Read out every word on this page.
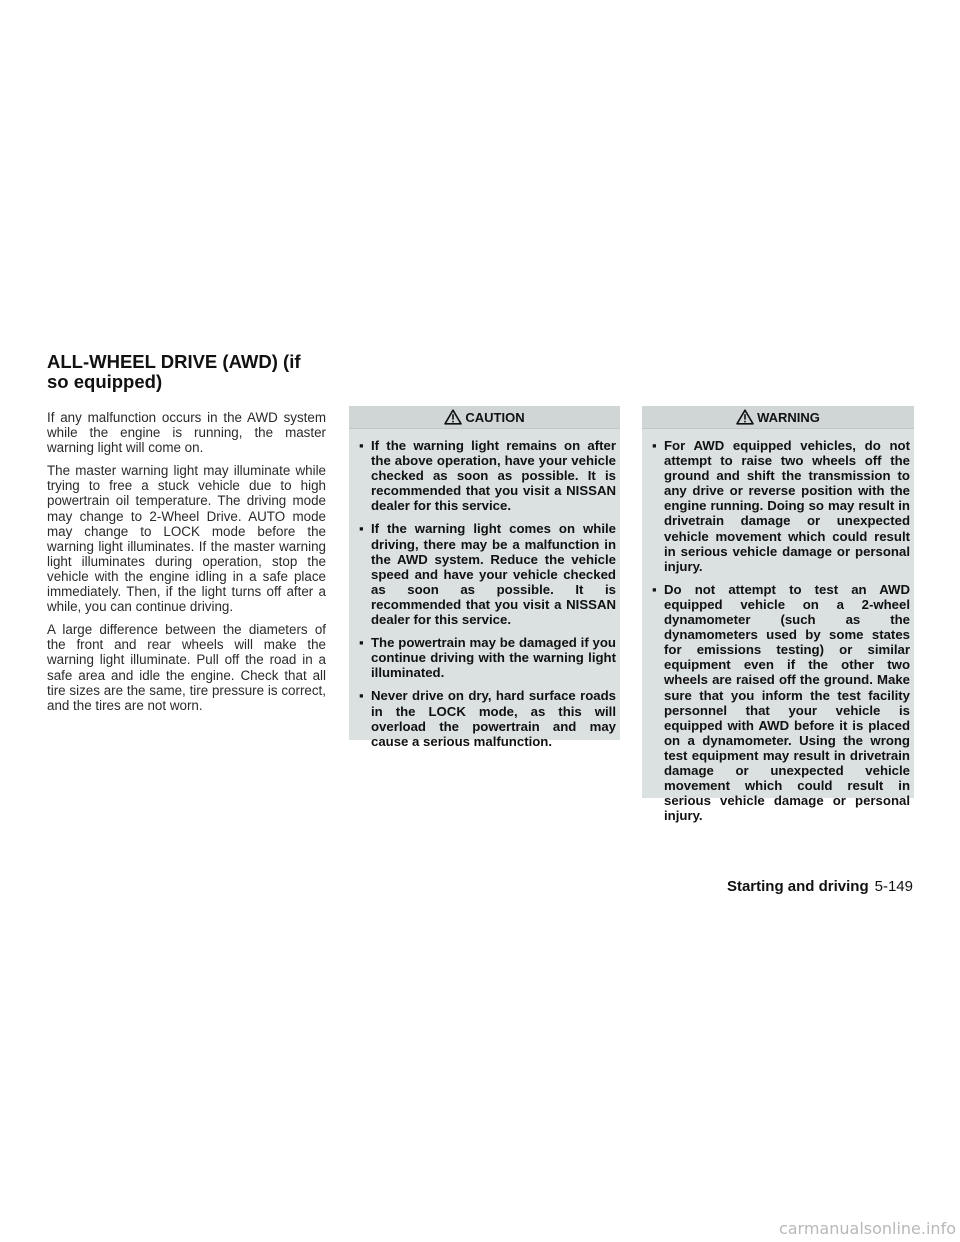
ALL-WHEEL DRIVE (AWD) (if so equipped)

If any malfunction occurs in the AWD system while the engine is running, the master warning light will come on.

The master warning light may illuminate while trying to free a stuck vehicle due to high powertrain oil temperature. The driving mode may change to 2-Wheel Drive. AUTO mode may change to LOCK mode before the warning light illuminates. If the master warning light illuminates during operation, stop the vehicle with the engine idling in a safe place immediately. Then, if the light turns off after a while, you can continue driving.

A large difference between the diameters of the front and rear wheels will make the warning light illuminate. Pull off the road in a safe area and idle the engine. Check that all tire sizes are the same, tire pressure is correct, and the tires are not worn.

CAUTION
▪ If the warning light remains on after the above operation, have your vehicle checked as soon as possible. It is recommended that you visit a NISSAN dealer for this service.
▪ If the warning light comes on while driving, there may be a malfunction in the AWD system. Reduce the vehicle speed and have your vehicle checked as soon as possible. It is recommended that you visit a NISSAN dealer for this service.
▪ The powertrain may be damaged if you continue driving with the warning light illuminated.
▪ Never drive on dry, hard surface roads in the LOCK mode, as this will overload the powertrain and may cause a serious malfunction.
WARNING
▪ For AWD equipped vehicles, do not attempt to raise two wheels off the ground and shift the transmission to any drive or reverse position with the engine running. Doing so may result in drivetrain damage or unexpected vehicle movement which could result in serious vehicle damage or personal injury.
▪ Do not attempt to test an AWD equipped vehicle on a 2-wheel dynamometer (such as the dynamometers used by some states for emissions testing) or similar equipment even if the other two wheels are raised off the ground. Make sure that you inform the test facility personnel that your vehicle is equipped with AWD before it is placed on a dynamometer. Using the wrong test equipment may result in drivetrain damage or unexpected vehicle movement which could result in serious vehicle damage or personal injury.
Starting and driving 5-149
carmanualsonline.info
